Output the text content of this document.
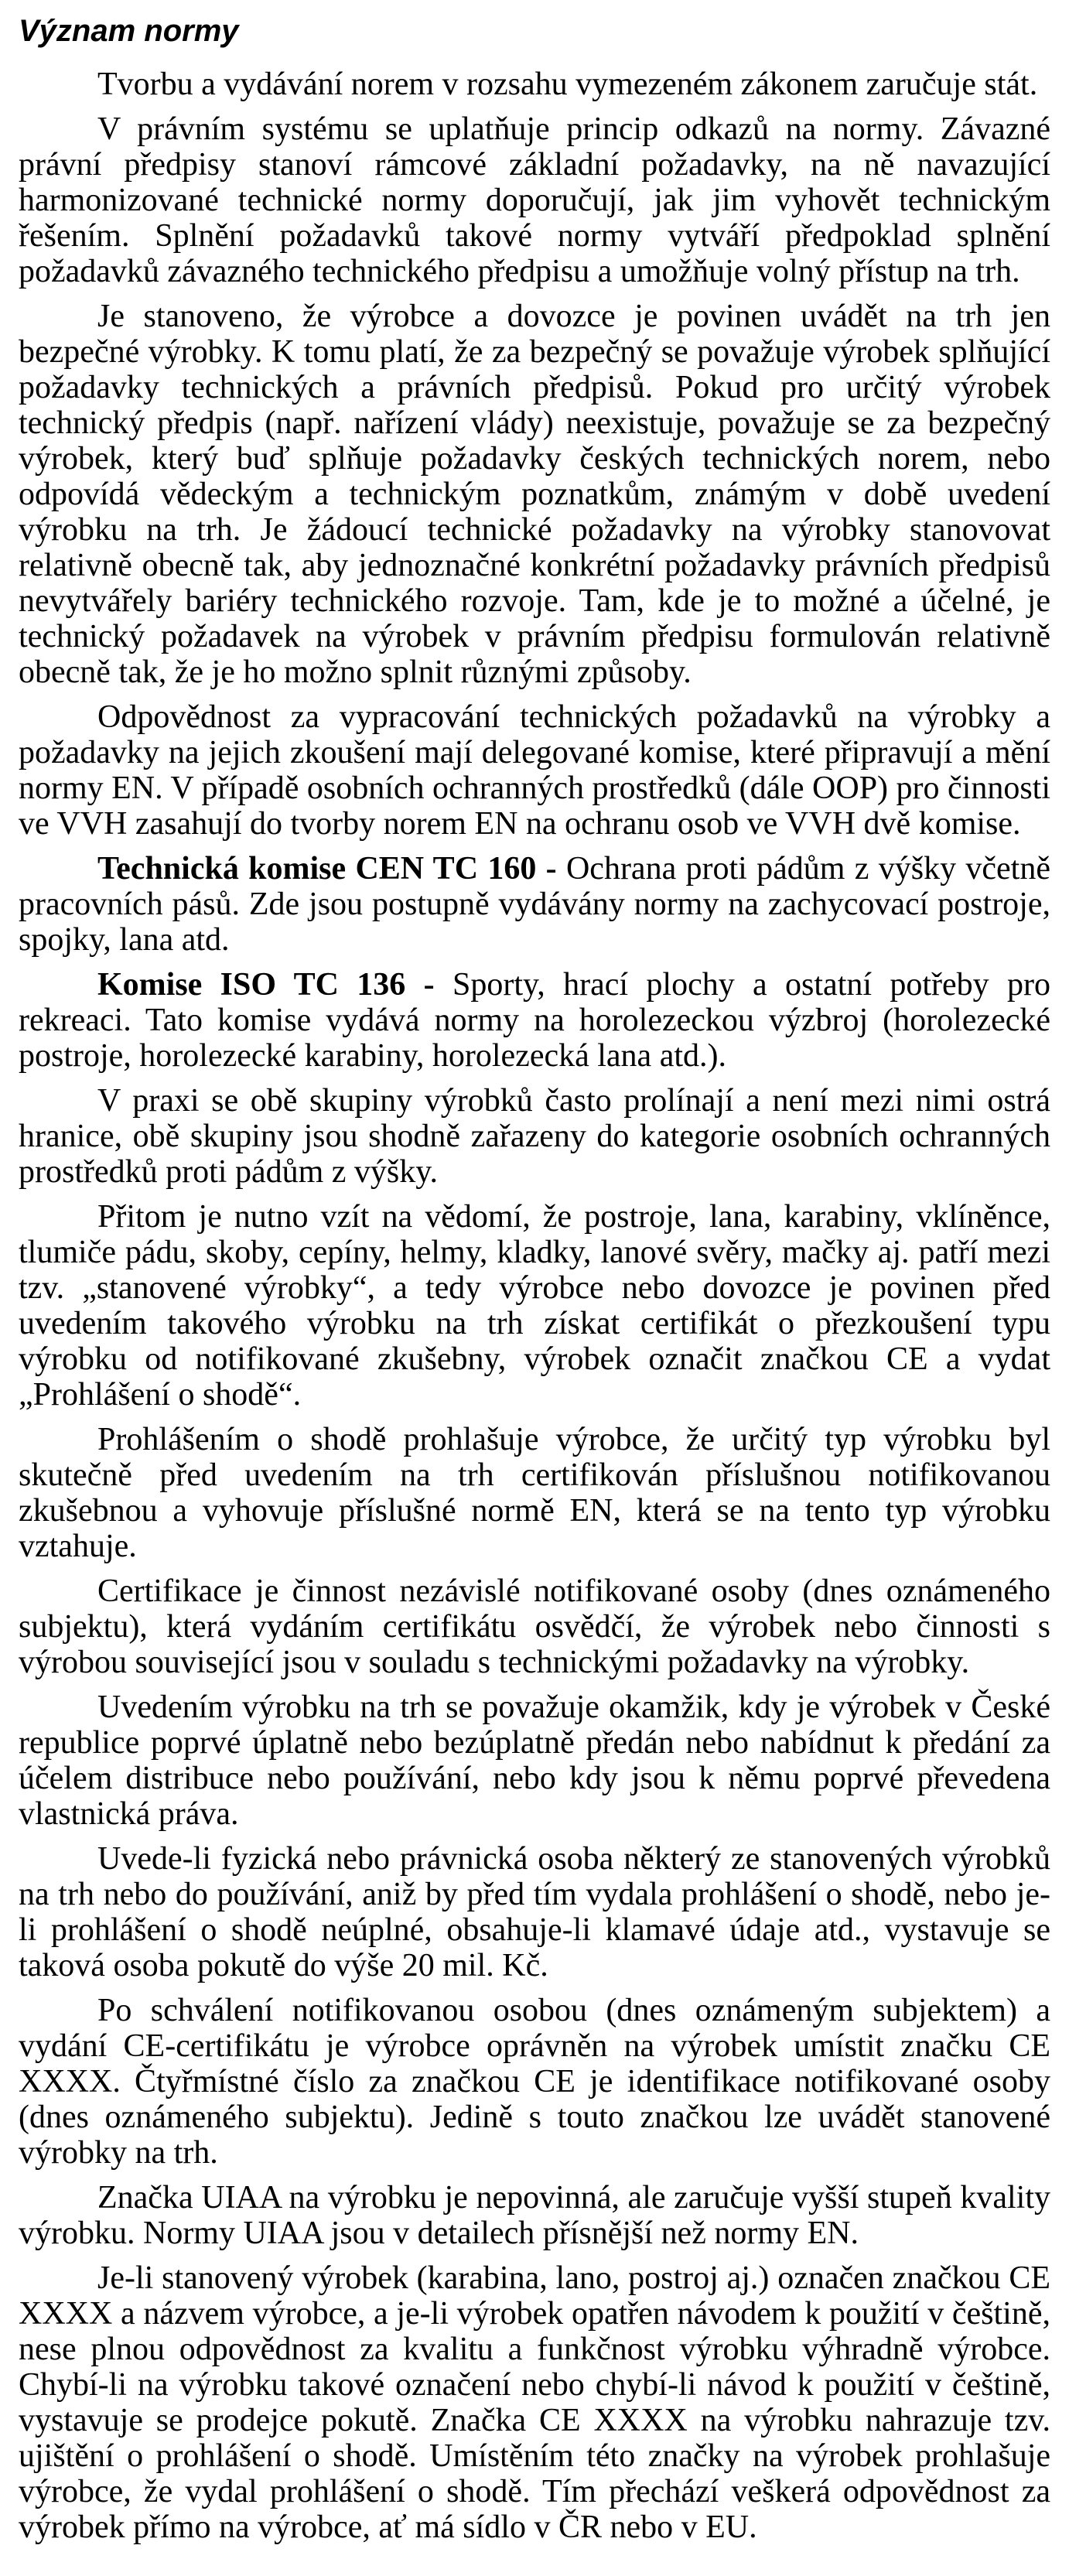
Význam normy

Tvorbu a vydávání norem v rozsahu vymezeném zákonem zaručuje stát.

V právním systému se uplatňuje princip odkazů na normy. Závazné právní předpisy stanoví rámcové základní požadavky, na ně navazující harmonizované technické normy doporučují, jak jim vyhovět technickým řešením. Splnění požadavků takové normy vytváří předpoklad splnění požadavků závazného technického předpisu a umožňuje volný přístup na trh.

Je stanoveno, že výrobce a dovozce je povinen uvádět na trh jen bezpečné výrobky. K tomu platí, že za bezpečný se považuje výrobek splňující požadavky technických a právních předpisů. Pokud pro určitý výrobek technický předpis (např. nařízení vlády) neexistuje, považuje se za bezpečný výrobek, který buď splňuje požadavky českých technických norem, nebo odpovídá vědeckým a technickým poznatkům, známým v době uvedení výrobku na trh. Je žádoucí technické požadavky na výrobky stanovovat relativně obecně tak, aby jednoznačné konkrétní požadavky právních předpisů nevytvářely bariéry technického rozvoje. Tam, kde je to možné a účelné, je technický požadavek na výrobek v právním předpisu formulován relativně obecně tak, že je ho možno splnit různými způsoby.

Odpovědnost za vypracování technických požadavků na výrobky a požadavky na jejich zkoušení mají delegované komise, které připravují a mění normy EN. V případě osobních ochranných prostředků (dále OOP) pro činnosti ve VVH zasahují do tvorby norem EN na ochranu osob ve VVH dvě komise.

Technická komise CEN TC 160 - Ochrana proti pádům z výšky včetně pracovních pásů. Zde jsou postupně vydávány normy na zachycovací postroje, spojky, lana atd.

Komise ISO TC 136 - Sporty, hrací plochy a ostatní potřeby pro rekreaci. Tato komise vydává normy na horolezeckou výzbroj (horolezecké postroje, horolezecké karabiny, horolezecká lana atd.).

V praxi se obě skupiny výrobků často prolínají a není mezi nimi ostrá hranice, obě skupiny jsou shodně zařazeny do kategorie osobních ochranných prostředků proti pádům z výšky.

Přitom je nutno vzít na vědomí, že postroje, lana, karabiny, vklíněnce, tlumiče pádu, skoby, cepíny, helmy, kladky, lanové svěry, mačky aj. patří mezi tzv. „stanovené výrobky“, a tedy výrobce nebo dovozce je povinen před uvedením takového výrobku na trh získat certifikát o přezkoušení typu výrobku od notifikované zkušebny, výrobek označit značkou CE a vydat „Prohlášení o shodě“.

Prohlášením o shodě prohlašuje výrobce, že určitý typ výrobku byl skutečně před uvedením na trh certifikován příslušnou notifikovanou zkušebnou a vyhovuje příslušné normě EN, která se na tento typ výrobku vztahuje.

Certifikace je činnost nezávislé notifikované osoby (dnes oznámeného subjektu), která vydáním certifikátu osvědčí, že výrobek nebo činnosti s výrobou související jsou v souladu s technickými požadavky na výrobky.

Uvedením výrobku na trh se považuje okamžik, kdy je výrobek v České republice poprvé úplatně nebo bezúplatně předán nebo nabídnut k předání za účelem distribuce nebo používání, nebo kdy jsou k němu poprvé převedena vlastnická práva.

Uvede-li fyzická nebo právnická osoba některý ze stanovených výrobků na trh nebo do používání, aniž by před tím vydala prohlášení o shodě, nebo je-li prohlášení o shodě neúplné, obsahuje-li klamavé údaje atd., vystavuje se taková osoba pokutě do výše 20 mil. Kč.

Po schválení notifikovanou osobou (dnes oznámeným subjektem) a vydání CE-certifikátu je výrobce oprávněn na výrobek umístit značku CE XXXX. Čtyřmístné číslo za značkou CE je identifikace notifikované osoby (dnes oznámeného subjektu). Jedině s touto značkou lze uvádět stanovené výrobky na trh.

Značka UIAA na výrobku je nepovinná, ale zaručuje vyšší stupeň kvality výrobku. Normy UIAA jsou v detailech přísnější než normy EN.

Je-li stanovený výrobek (karabina, lano, postroj aj.) označen značkou CE XXXX a názvem výrobce, a je-li výrobek opatřen návodem k použití v češtině, nese plnou odpovědnost za kvalitu a funkčnost výrobku výhradně výrobce. Chybí-li na výrobku takové označení nebo chybí-li návod k použití v češtině, vystavuje se prodejce pokutě. Značka CE XXXX na výrobku nahrazuje tzv. ujištění o prohlášení o shodě. Umístěním této značky na výrobek prohlašuje výrobce, že vydal prohlášení o shodě. Tím přechází veškerá odpovědnost za výrobek přímo na výrobce, ať má sídlo v ČR nebo v EU.
